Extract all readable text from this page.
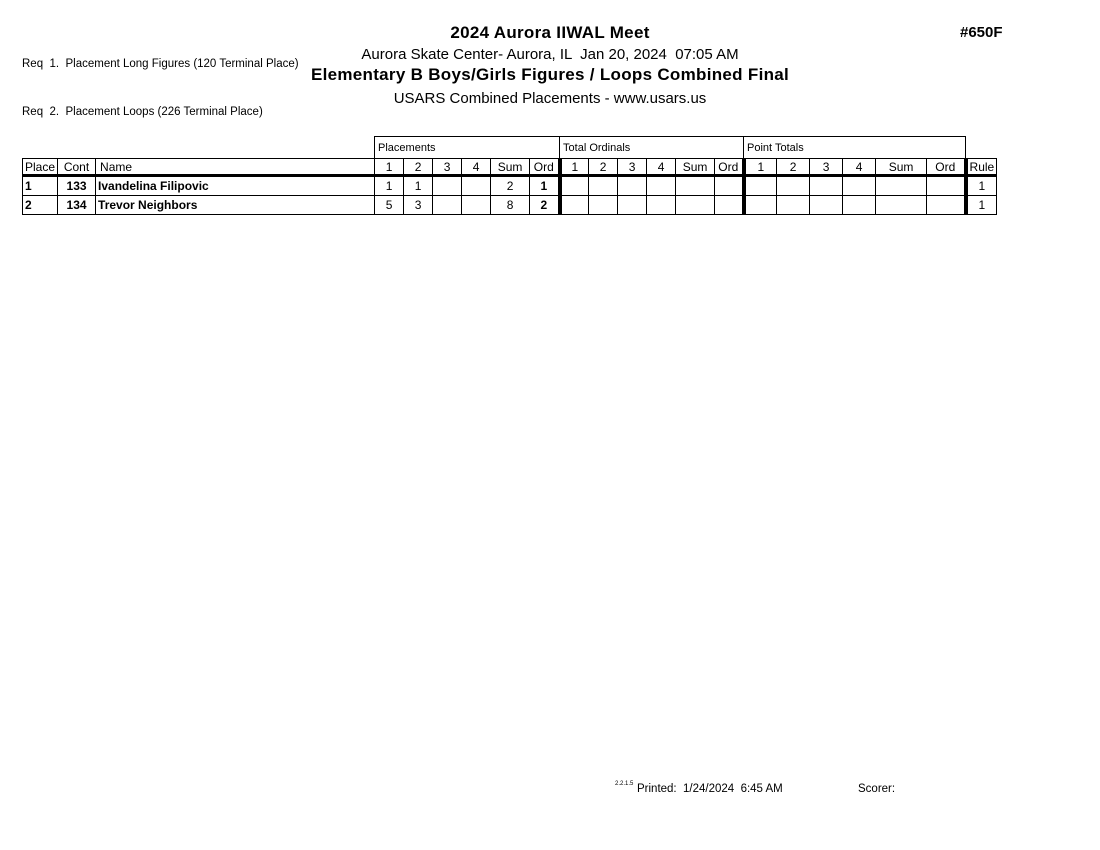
Req  1.  Placement Long Figures (120 Terminal Place)

Req  2.  Placement Loops (226 Terminal Place)

2024 Aurora IIWAL Meet
Aurora Skate Center- Aurora, IL  Jan 20, 2024  07:05 AM
Elementary B Boys/Girls Figures / Loops Combined Final
USARS Combined Placements - www.usars.us
#650F
			Placements						Total Ordinals						Point Totals						
Place	Cont	Name	1	2	3	4	Sum	Ord	1	2	3	4	Sum	Ord	1	2	3	4	Sum	Ord	Rule
1	133	Ivandelina Filipovic	1	1			2	1													1
2	134	Trevor Neighbors	5	3			8	2													1
2.2.1.5 Printed:  1/24/2024  6:45 AM	Scorer:
